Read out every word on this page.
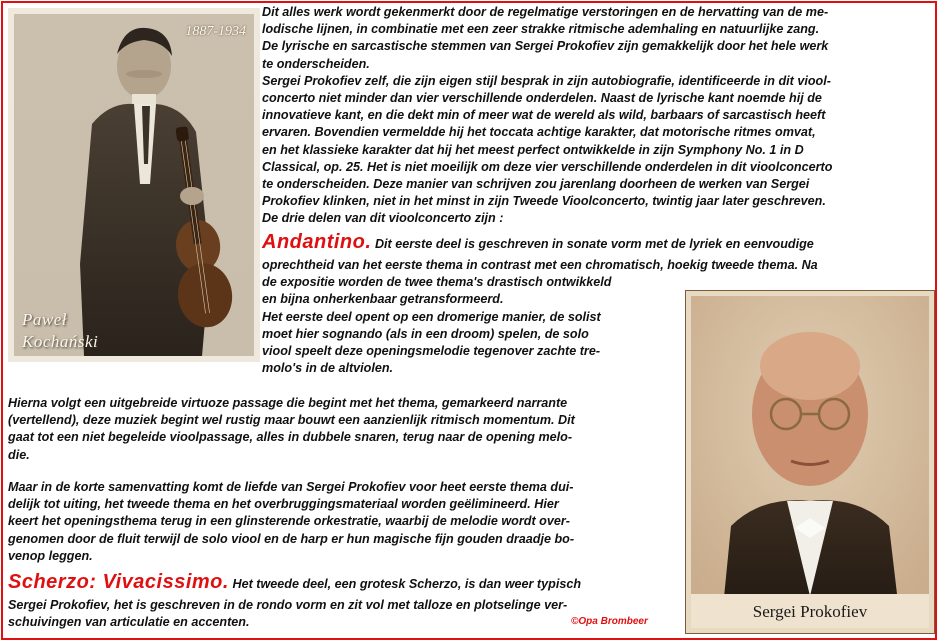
1887-1934
Paweł
Kochański
Sergei Prokofiev

Dit alles werk wordt gekenmerkt door de regelmatige verstoringen en de hervatting van de me-

lodische lijnen, in combinatie met een zeer strakke ritmische ademhaling en natuurlijke zang.

De lyrische en sarcastische stemmen van Sergei Prokofiev zijn gemakkelijk door het hele werk

te onderscheiden.

Sergei Prokofiev zelf, die zijn eigen stijl besprak in zijn autobiografie, identificeerde in dit viool-

concerto niet minder dan vier verschillende onderdelen. Naast de lyrische kant noemde hij de

innovatieve kant, en die dekt min of meer wat de wereld als wild, barbaars of sarcastisch heeft

ervaren. Bovendien vermeldde hij het toccata achtige karakter, dat motorische ritmes omvat,

en het klassieke karakter dat hij het meest perfect ontwikkelde in zijn Symphony No. 1 in D

Classical, op. 25. Het is niet moeilijk om deze vier verschillende onderdelen in dit vioolconcerto

te onderscheiden. Deze manier van schrijven zou jarenlang doorheen de werken van Sergei

Prokofiev klinken, niet in het minst in zijn Tweede Vioolconcerto, twintig jaar later geschreven.

De drie delen van dit vioolconcerto zijn :

Andantino. Dit eerste deel is geschreven in sonate vorm met de lyriek en eenvoudige

oprechtheid van het eerste thema in contrast met een chromatisch, hoekig tweede thema. Na

de expositie worden de twee thema's drastisch ontwikkeld

en bijna onherkenbaar getransformeerd.

Het eerste deel opent op een dromerige manier, de solist

moet hier sognando (als in een droom) spelen, de solo

viool speelt deze openingsmelodie tegenover zachte tre-

molo's in de altviolen.

Hierna volgt een uitgebreide virtuoze passage die begint met het thema, gemarkeerd narrante

(vertellend), deze muziek begint wel rustig maar bouwt een aanzienlijk ritmisch momentum. Dit

gaat tot een niet begeleide vioolpassage, alles in dubbele snaren, terug naar de opening melo-

die.

Maar in de korte samenvatting komt de liefde van Sergei Prokofiev voor heet eerste thema dui-

delijk tot uiting, het tweede thema en het overbruggingsmateriaal worden geëlimineerd. Hier

keert het openingsthema terug in een glinsterende orkestratie, waarbij de melodie wordt over-

genomen door de fluit terwijl de solo viool en de harp er hun magische fijn gouden draadje bo-

venop leggen.

Scherzo: Vivacissimo. Het tweede deel, een grotesk Scherzo, is dan weer typisch

Sergei Prokofiev, het is geschreven in de rondo vorm en zit vol met talloze en plotselinge ver-

schuivingen van articulatie en accenten.	©Opa Brombeer
